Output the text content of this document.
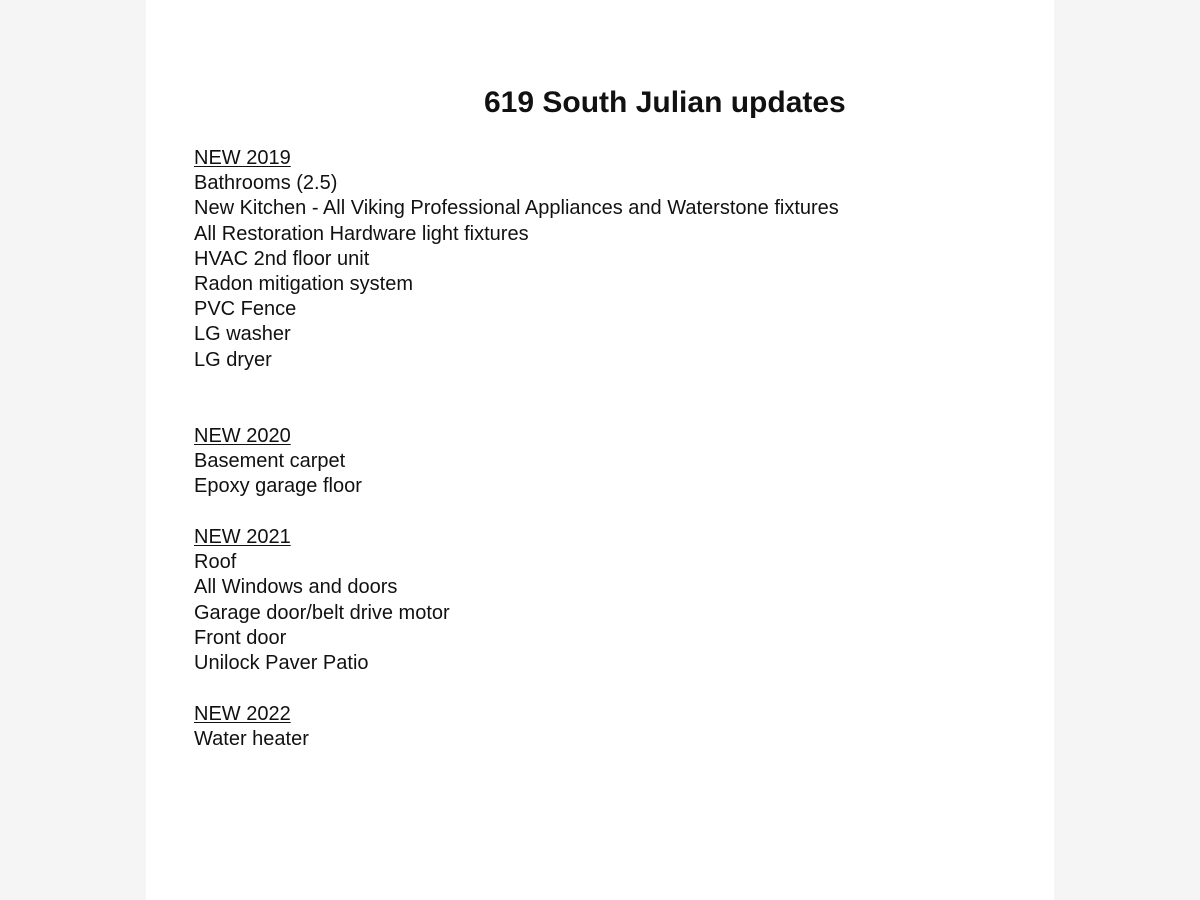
619 South Julian updates
NEW 2019
Bathrooms (2.5)
New Kitchen - All Viking Professional Appliances and Waterstone fixtures
All Restoration Hardware light fixtures
HVAC 2nd floor unit
Radon mitigation system
PVC Fence
LG washer
LG dryer
NEW 2020
Basement carpet
Epoxy garage floor
NEW 2021
Roof
All Windows and doors
Garage door/belt drive motor
Front door
Unilock Paver Patio
NEW 2022
Water heater
